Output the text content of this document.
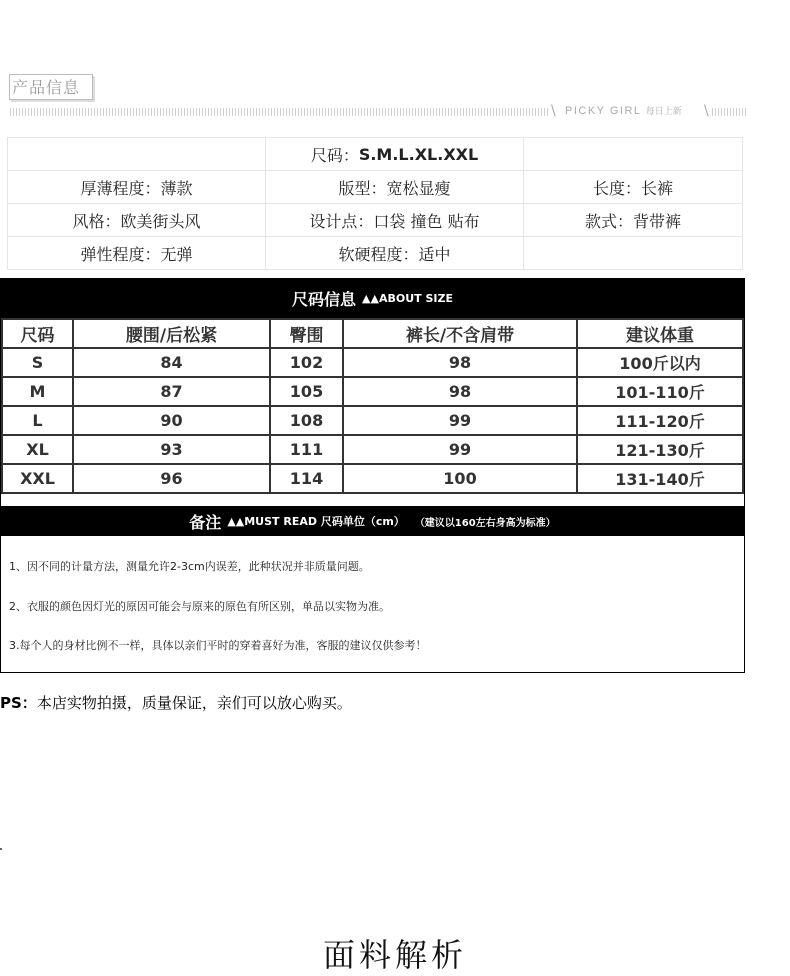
产品信息
\ PICKY GIRL 每日上新 \
尺码： S.M.L.XL.XXL
厚薄程度： 薄款	版型： 宽松显瘦	长度： 长裤
风格： 欧美街头风	设计点： 口袋 撞色 贴布	款式： 背带裤
弹性程度： 无弹	软硬程度： 适中
尺码信息 ▲▲ABOUT SIZE
尺码	腰围/后松紧	臀围	裤长/不含肩带	建议体重
S	84	102	98	100斤以内
M	87	105	98	101-110斤
L	90	108	99	111-120斤
XL	93	111	99	121-130斤
XXL	96	114	100	131-140斤
备注 ▲▲MUST READ 尺码单位（cm） （建议以160左右身高为标准）
1、因不同的计量方法，测量允许2-3cm内误差，此种状况并非质量问题。
2、衣服的颜色因灯光的原因可能会与原来的原色有所区别，单品以实物为准。
3.每个人的身材比例不一样，具体以亲们平时的穿着喜好为准，客服的建议仅供参考！
PS：本店实物拍摄，质量保证，亲们可以放心购买。
面料解析
